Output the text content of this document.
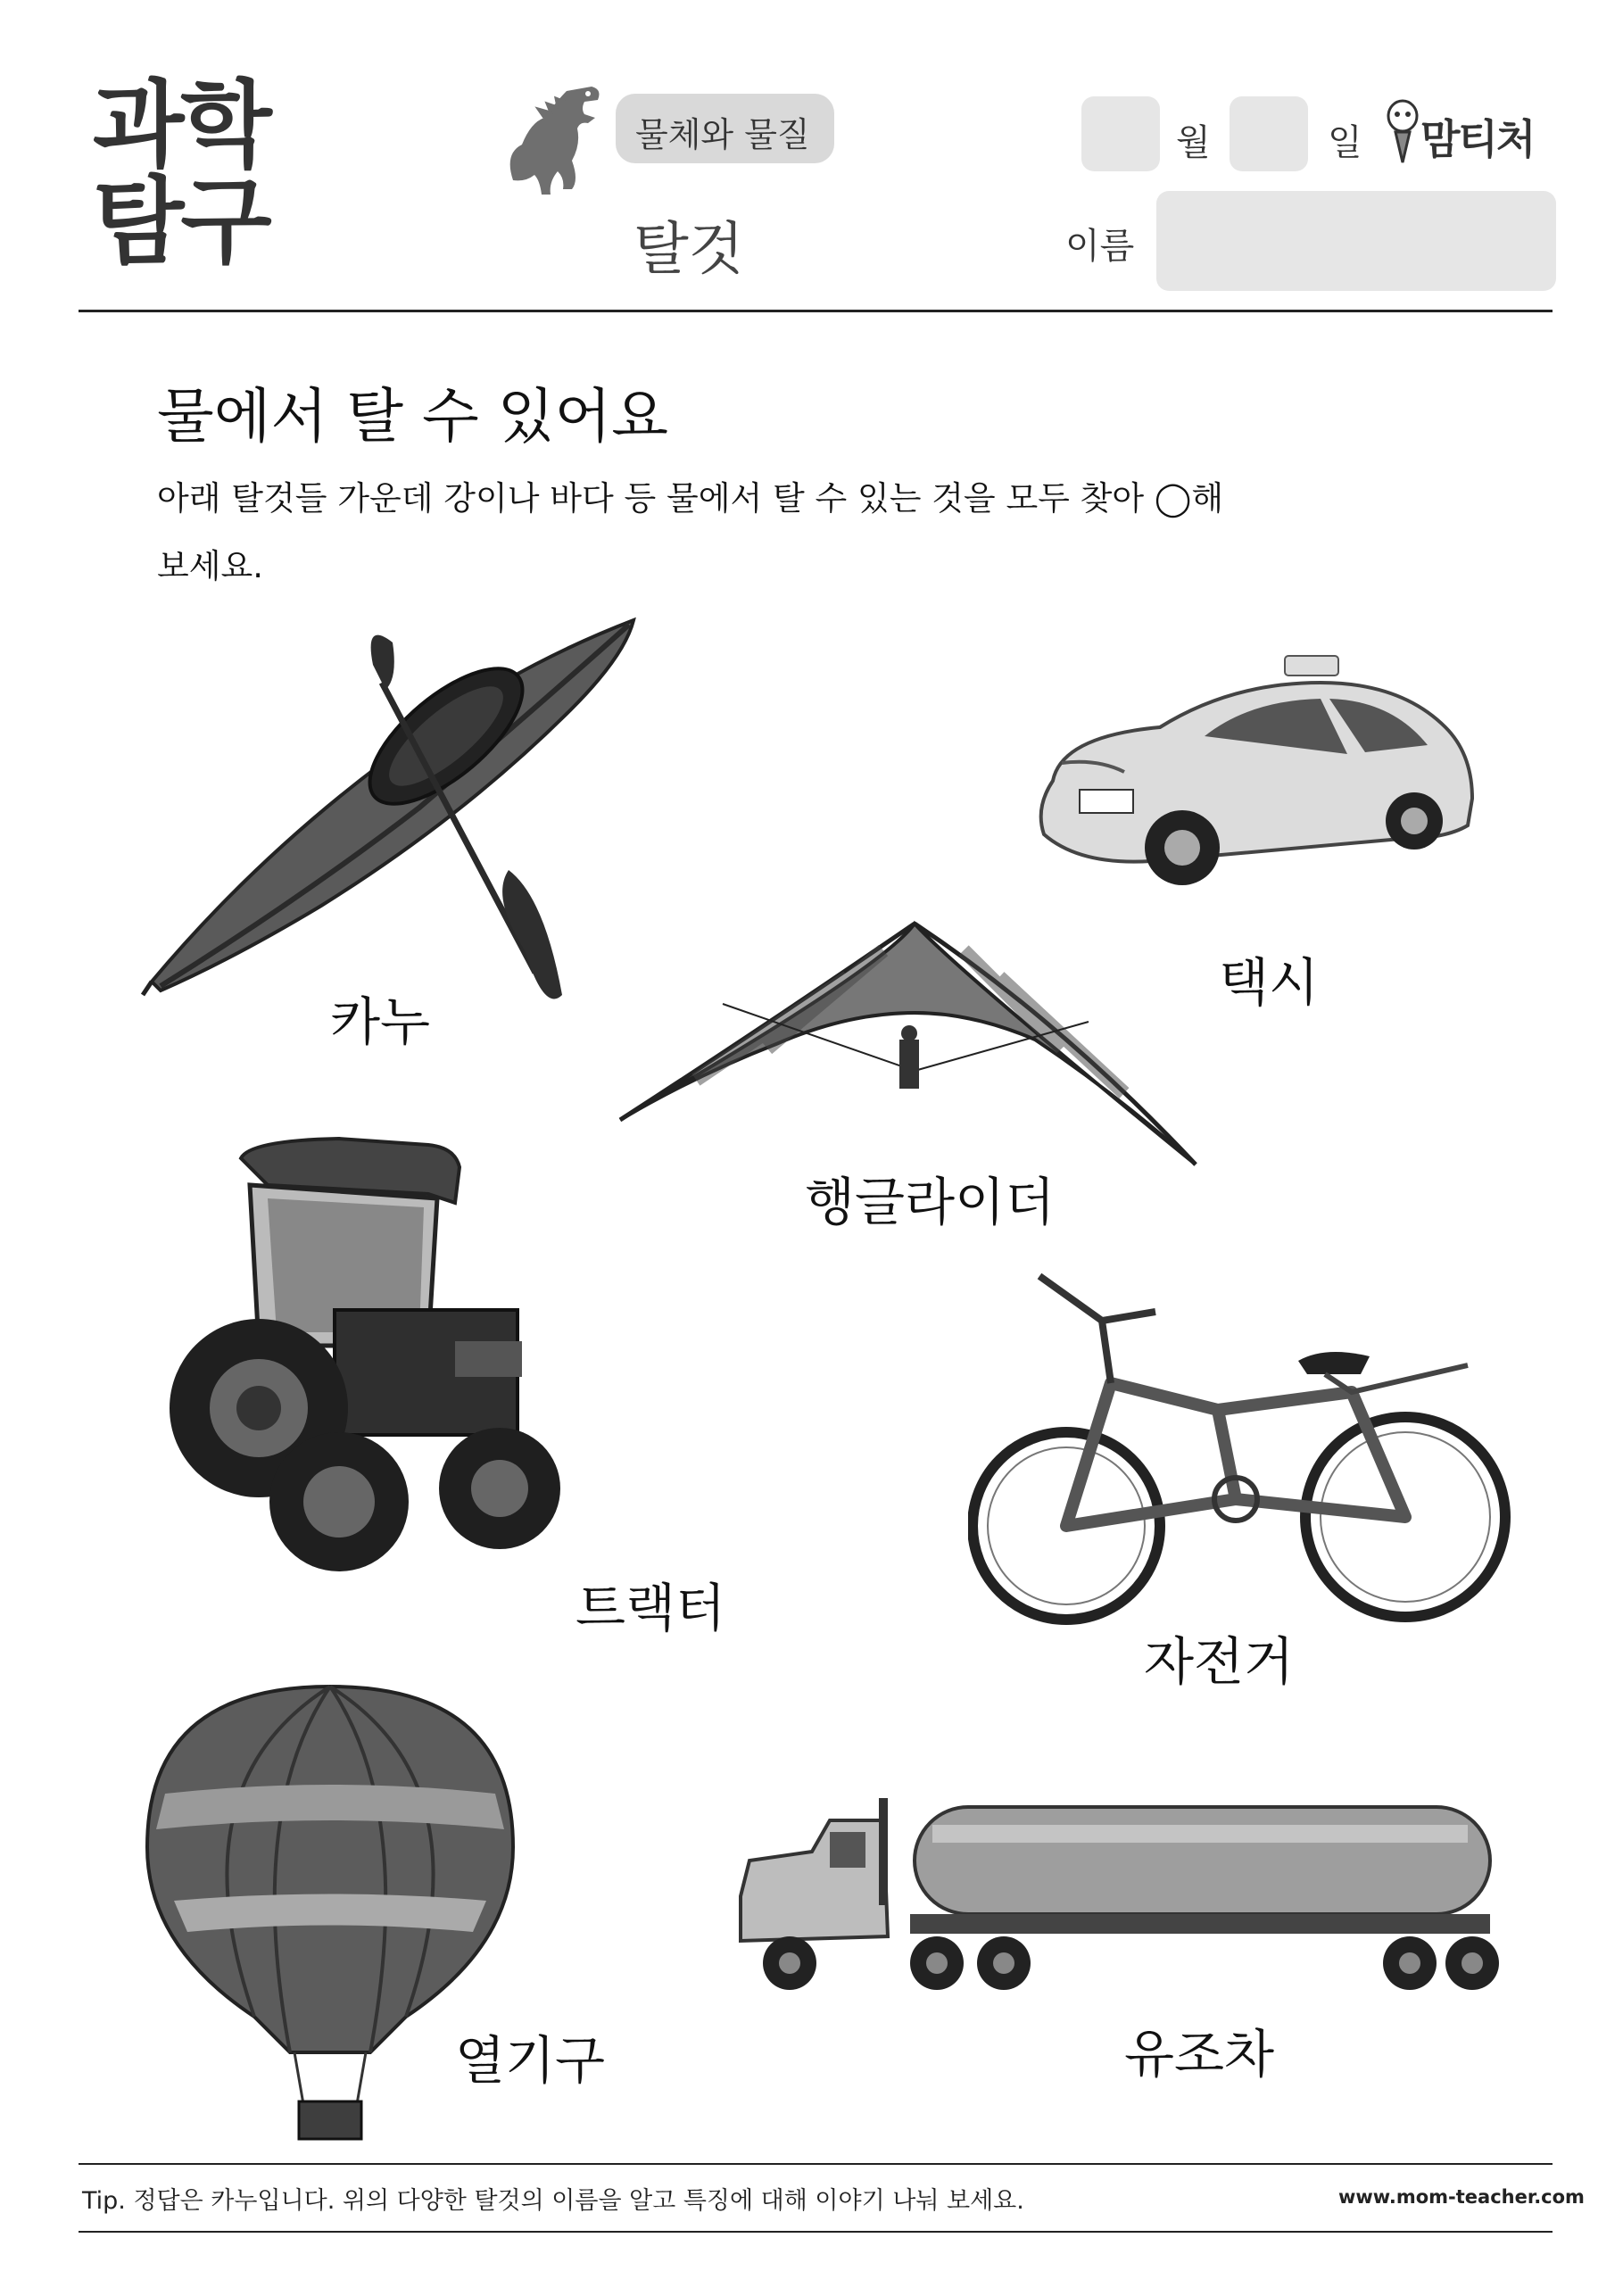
과학
탐구
물체와 물질
탈것
월	일 맘티처
이름
물에서 탈 수 있어요
아래 탈것들 가운데 강이나 바다 등 물에서 탈 수 있는 것을 모두 찾아 ◯해
보세요.
카누
택시
행글라이더
트랙터
자전거
열기구	유조차
Tip. 정답은 카누입니다. 위의 다양한 탈것의 이름을 알고 특징에 대해 이야기 나눠 보세요.	www.mom-teacher.com
